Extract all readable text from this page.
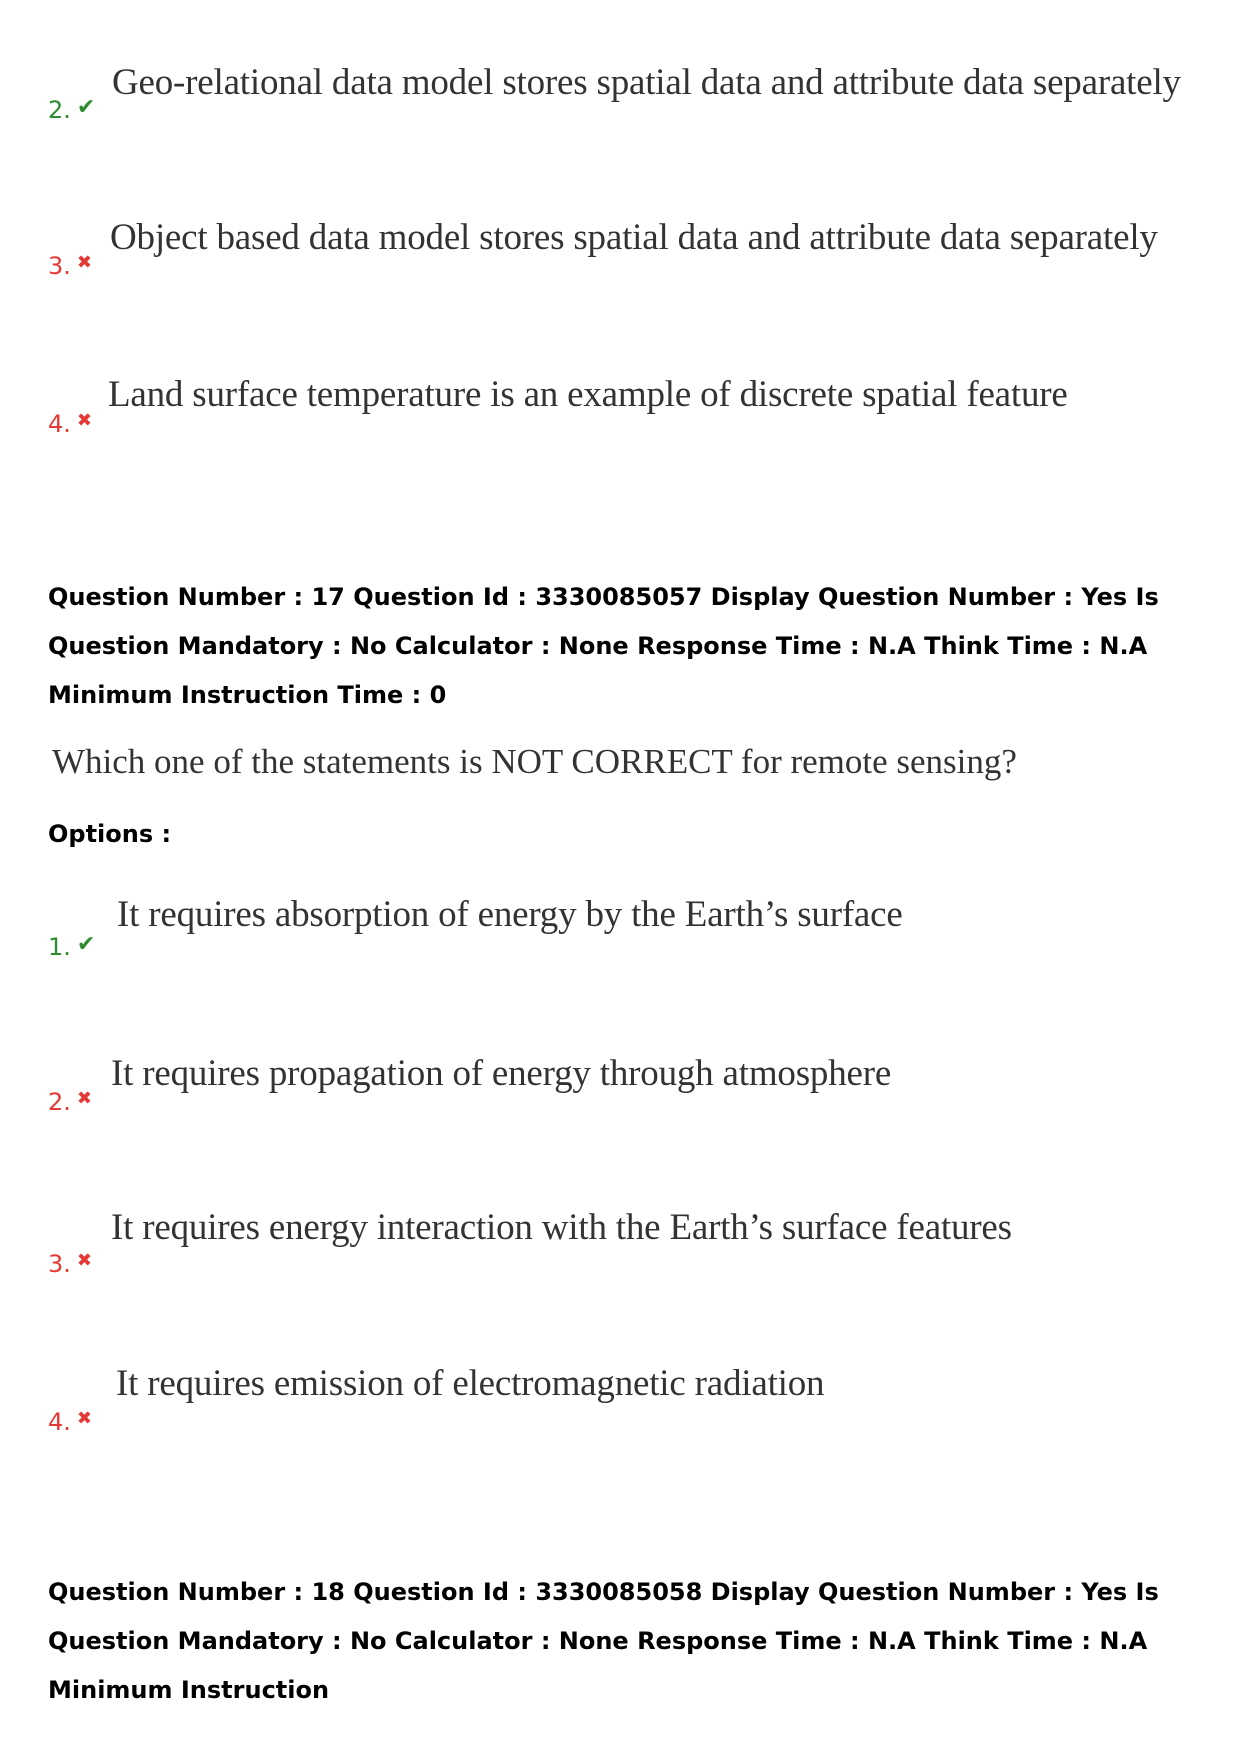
Geo-relational data model stores spatial data and attribute data separately
2. ✔
Object based data model stores spatial data and attribute data separately
3. ✖
Land surface temperature is an example of discrete spatial feature
4. ✖
Question Number : 17 Question Id : 3330085057 Display Question Number : Yes Is Question Mandatory : No Calculator : None Response Time : N.A Think Time : N.A Minimum Instruction Time : 0
Which one of the statements is NOT CORRECT for remote sensing?
Options :
It requires absorption of energy by the Earth’s surface
1. ✔
It requires propagation of energy through atmosphere
2. ✖
It requires energy interaction with the Earth’s surface features
3. ✖
It requires emission of electromagnetic radiation
4. ✖
Question Number : 18 Question Id : 3330085058 Display Question Number : Yes Is Question Mandatory : No Calculator : None Response Time : N.A Think Time : N.A Minimum Instruction
